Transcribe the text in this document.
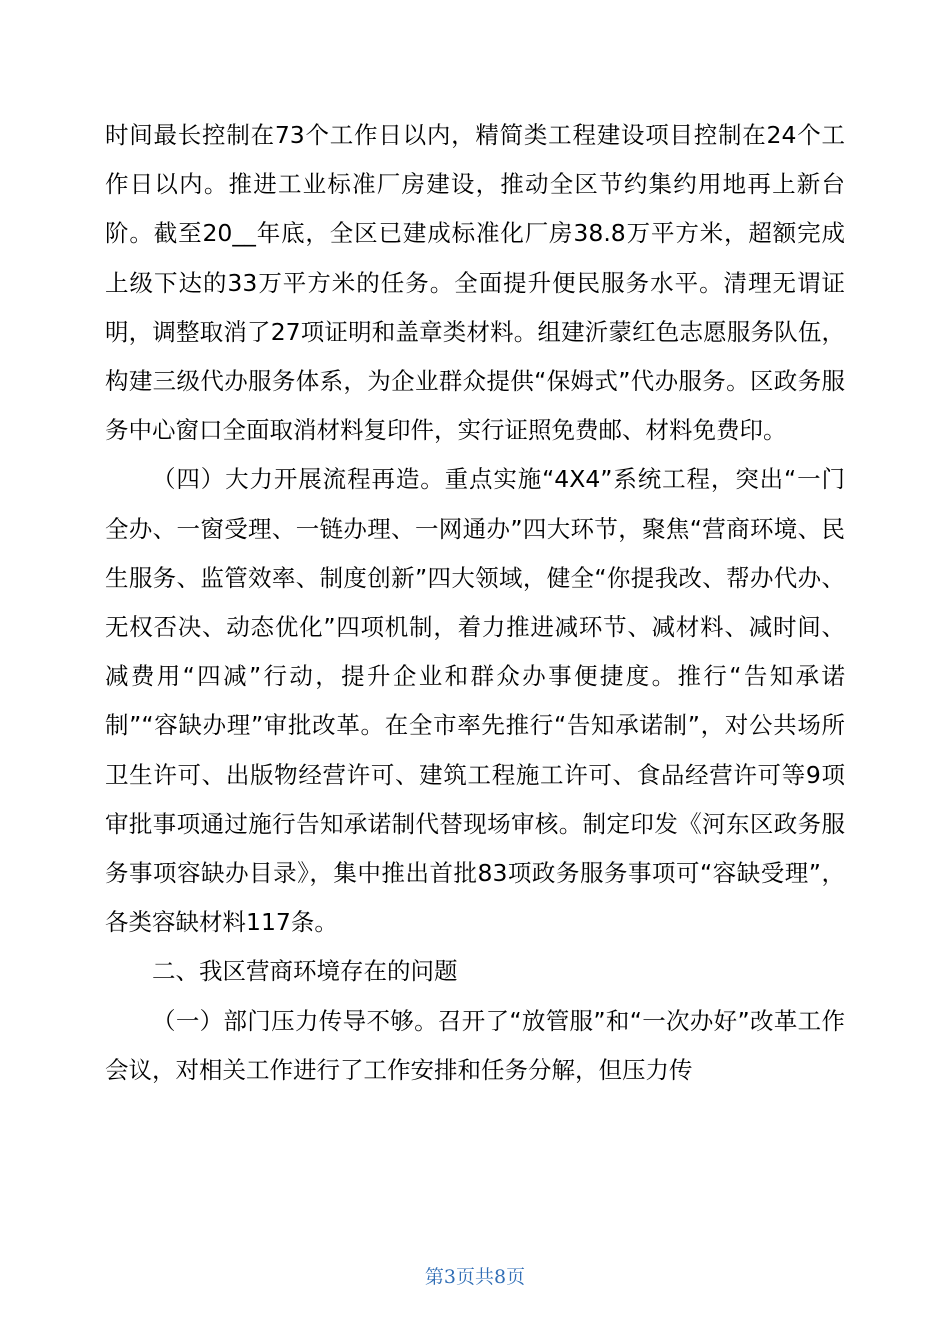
时间最长控制在73个工作日以内，精简类工程建设项目控制在24个工作日以内。推进工业标准厂房建设，推动全区节约集约用地再上新台阶。截至20__年底，全区已建成标准化厂房38.8万平方米，超额完成上级下达的33万平方米的任务。全面提升便民服务水平。清理无谓证明，调整取消了27项证明和盖章类材料。组建沂蒙红色志愿服务队伍，构建三级代办服务体系，为企业群众提供“保姆式”代办服务。区政务服务中心窗口全面取消材料复印件，实行证照免费邮、材料免费印。

（四）大力开展流程再造。重点实施“4X4”系统工程，突出“一门全办、一窗受理、一链办理、一网通办”四大环节，聚焦“营商环境、民生服务、监管效率、制度创新”四大领域，健全“你提我改、帮办代办、无权否决、动态优化”四项机制，着力推进减环节、减材料、减时间、减费用“四减”行动，提升企业和群众办事便捷度。推行“告知承诺制”“容缺办理”审批改革。在全市率先推行“告知承诺制”，对公共场所卫生许可、出版物经营许可、建筑工程施工许可、食品经营许可等9项审批事项通过施行告知承诺制代替现场审核。制定印发《河东区政务服务事项容缺办目录》，集中推出首批83项政务服务事项可“容缺受理”，各类容缺材料117条。

二、我区营商环境存在的问题

（一）部门压力传导不够。召开了“放管服”和“一次办好”改革工作会议，对相关工作进行了工作安排和任务分解，但压力传

第3页共8页
